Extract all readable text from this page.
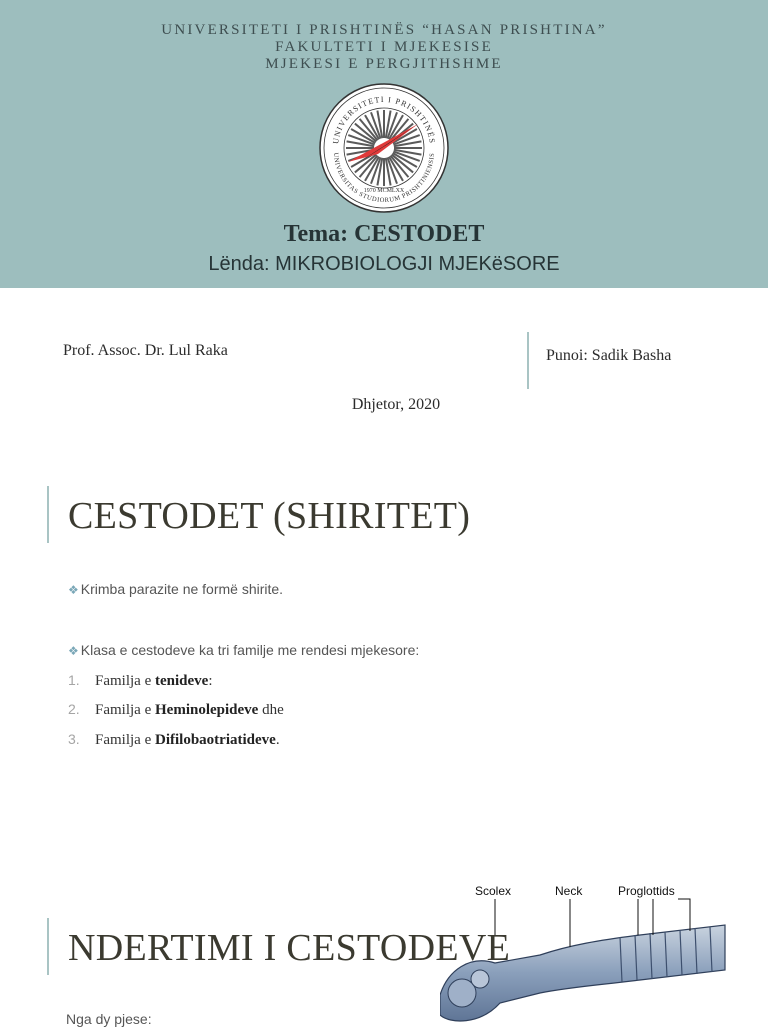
UNIVERSITETI I PRISHTINËS “HASAN PRISHTINA”
FAKULTETI I MJEKESISE
MJEKESI E PERGJITHSHME
UNIVERSITETI I PRISHTINËS
UNIVERSITAS STUDIORUM PRISHTINIENSIS
1970 MCMLXX
Tema: CESTODET
Lënda: MIKROBIOLOGJI MJEKëSORE
Prof. Assoc. Dr. Lul Raka	Punoi: Sadik Basha
Dhjetor, 2020
CESTODET (SHIRITET)
❖ Krimba parazite ne formë shirite.
❖ Klasa e cestodeve ka tri familje me rendesi mjekesore:
1. Familja e tenideve:
2. Familja e Heminolepideve dhe
3. Familja e Difilobaotriatideve.
Scolex	Neck	Proglottids
NDERTIMI I CESTODEVE
Nga dy pjese:
